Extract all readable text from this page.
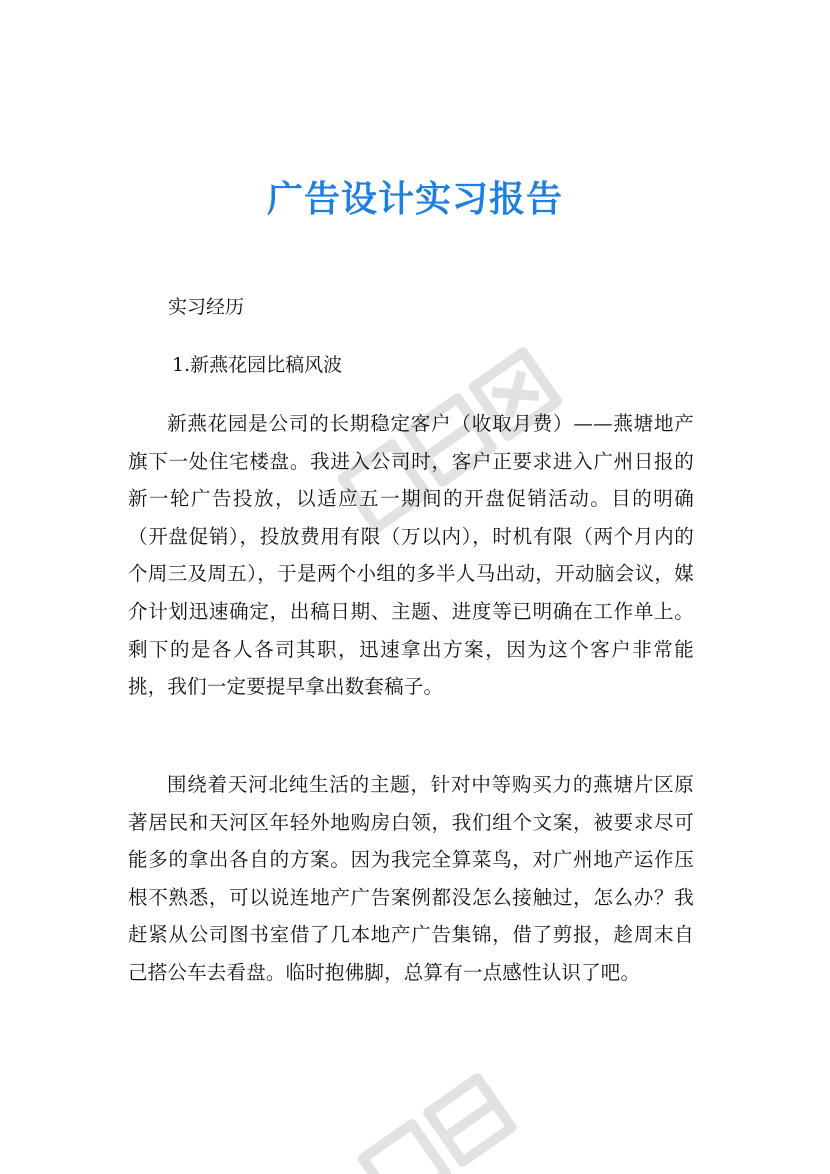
广告设计实习报告
实习经历
1.新燕花园比稿风波

新燕花园是公司的长期稳定客户（收取月费）——燕塘地产旗下一处住宅楼盘。我进入公司时，客户正要求进入广州日报的新一轮广告投放，以适应五一期间的开盘促销活动。目的明确（开盘促销），投放费用有限（万以内），时机有限（两个月内的个周三及周五），于是两个小组的多半人马出动，开动脑会议，媒介计划迅速确定，出稿日期、主题、进度等已明确在工作单上。剩下的是各人各司其职，迅速拿出方案，因为这个客户非常能挑，我们一定要提早拿出数套稿子。

围绕着天河北纯生活的主题，针对中等购买力的燕塘片区原著居民和天河区年轻外地购房白领，我们组个文案，被要求尽可能多的拿出各自的方案。因为我完全算菜鸟，对广州地产运作压根不熟悉，可以说连地产广告案例都没怎么接触过，怎么办？我赶紧从公司图书室借了几本地产广告集锦，借了剪报，趁周末自己搭公车去看盘。临时抱佛脚，总算有一点感性认识了吧。
